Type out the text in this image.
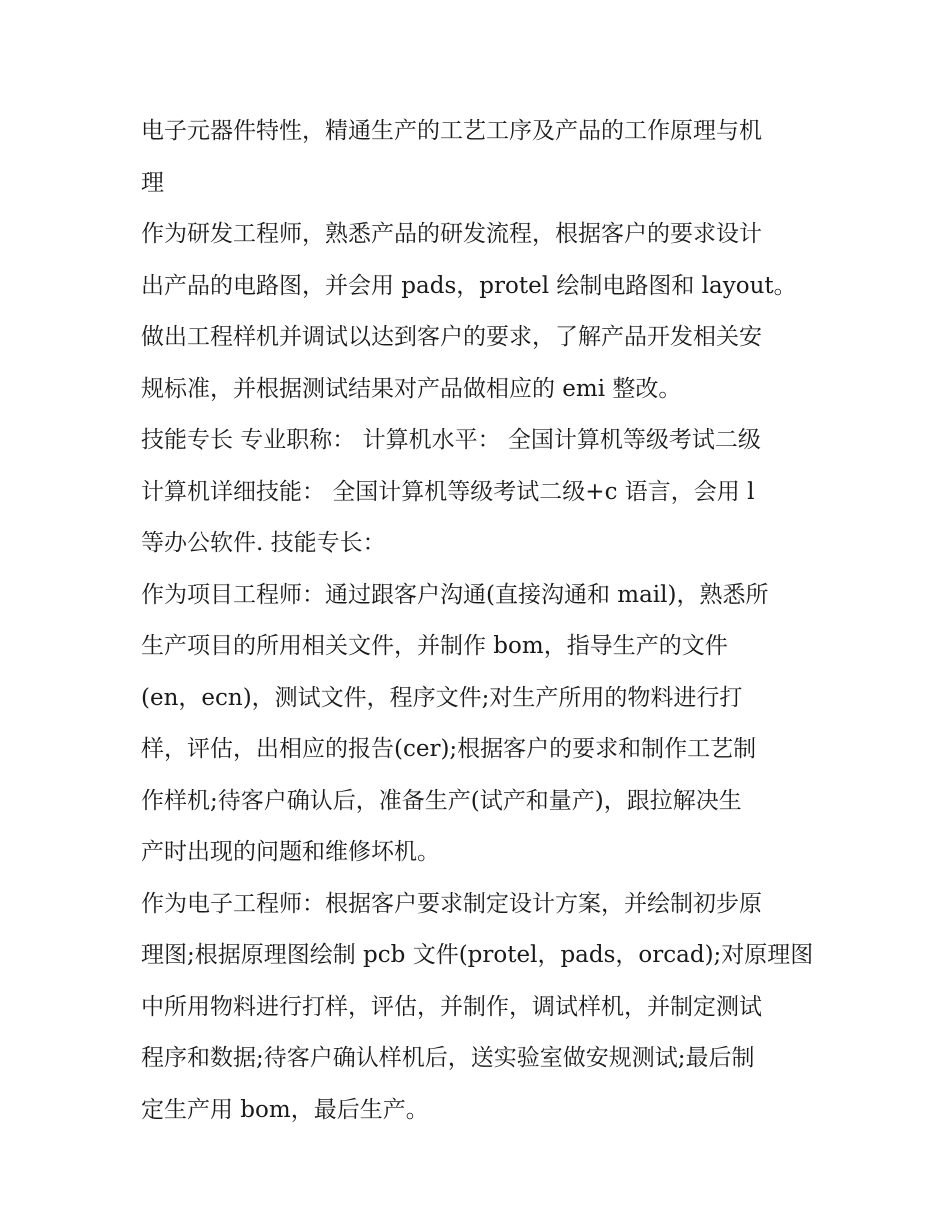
电子元器件特性，精通生产的工艺工序及产品的工作原理与机
理
作为研发工程师，熟悉产品的研发流程，根据客户的要求设计
出产品的电路图，并会用 pads，protel 绘制电路图和 layout。
做出工程样机并调试以达到客户的要求，了解产品开发相关安
规标准，并根据测试结果对产品做相应的 emi 整改。
技能专长 专业职称： 计算机水平： 全国计算机等级考试二级
计算机详细技能： 全国计算机等级考试二级+c 语言，会用 l
等办公软件. 技能专长：
作为项目工程师：通过跟客户沟通(直接沟通和 mail)，熟悉所
生产项目的所用相关文件，并制作 bom，指导生产的文件
(en，ecn)，测试文件，程序文件;对生产所用的物料进行打
样，评估，出相应的报告(cer);根据客户的要求和制作工艺制
作样机;待客户确认后，准备生产(试产和量产)，跟拉解决生
产时出现的问题和维修坏机。
作为电子工程师：根据客户要求制定设计方案，并绘制初步原
理图;根据原理图绘制 pcb 文件(protel，pads，orcad);对原理图
中所用物料进行打样，评估，并制作，调试样机，并制定测试
程序和数据;待客户确认样机后，送实验室做安规测试;最后制
定生产用 bom，最后生产。
